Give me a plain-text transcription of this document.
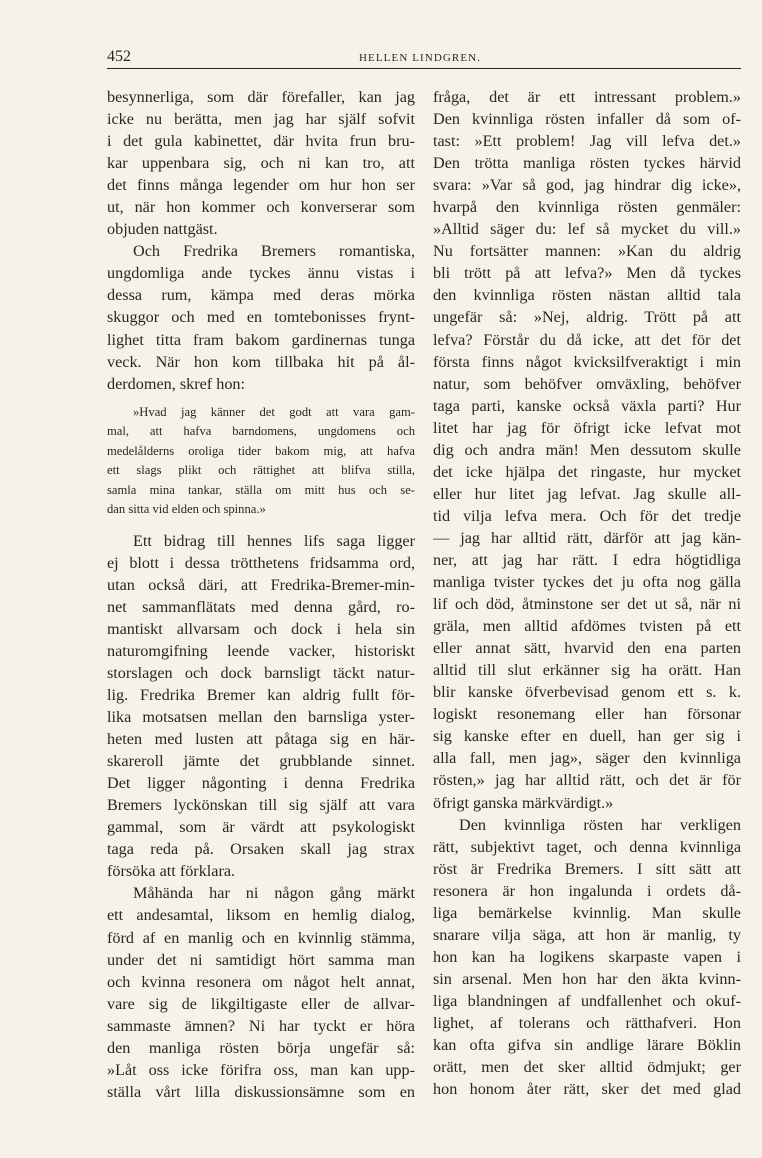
452	HELLEN LINDGREN.
besynnerliga, som där förefaller, kan jag
icke nu berätta, men jag har själf sofvit
i det gula kabinettet, där hvita frun bru-
kar uppenbara sig, och ni kan tro, att
det finns många legender om hur hon ser
ut, när hon kommer och konverserar som
objuden nattgäst.
Och Fredrika Bremers romantiska,
ungdomliga ande tyckes ännu vistas i
dessa rum, kämpa med deras mörka
skuggor och med en tomtebonisses frynt-
lighet titta fram bakom gardinernas tunga
veck. När hon kom tillbaka hit på ål-
derdomen, skref hon:
»Hvad jag känner det godt att vara gam-
mal, att hafva barndomens, ungdomens och
medelålderns oroliga tider bakom mig, att hafva
ett slags plikt och rättighet att blifva stilla,
samla mina tankar, ställa om mitt hus och se-
dan sitta vid elden och spinna.»
Ett bidrag till hennes lifs saga ligger
ej blott i dessa trötthetens fridsamma ord,
utan också däri, att Fredrika-Bremer-min-
net sammanflätats med denna gård, ro-
mantiskt allvarsam och dock i hela sin
naturomgifning leende vacker, historiskt
storslagen och dock barnsligt täckt natur-
lig. Fredrika Bremer kan aldrig fullt för-
lika motsatsen mellan den barnsliga yster-
heten med lusten att påtaga sig en här-
skareroll jämte det grubblande sinnet.
Det ligger någonting i denna Fredrika
Bremers lyckönskan till sig själf att vara
gammal, som är värdt att psykologiskt
taga reda på. Orsaken skall jag strax
försöka att förklara.
Måhända har ni någon gång märkt
ett andesamtal, liksom en hemlig dialog,
förd af en manlig och en kvinnlig stämma,
under det ni samtidigt hört samma man
och kvinna resonera om något helt annat,
vare sig de likgiltigaste eller de allvar-
sammaste ämnen? Ni har tyckt er höra
den manliga rösten börja ungefär så:
»Låt oss icke förifra oss, man kan upp-
ställa vårt lilla diskussionsämne som en
fråga, det är ett intressant problem.»
Den kvinnliga rösten infaller då som of-
tast: »Ett problem! Jag vill lefva det.»
Den trötta manliga rösten tyckes härvid
svara: »Var så god, jag hindrar dig icke»,
hvarpå den kvinnliga rösten genmäler:
»Alltid säger du: lef så mycket du vill.»
Nu fortsätter mannen: »Kan du aldrig
bli trött på att lefva?» Men då tyckes
den kvinnliga rösten nästan alltid tala
ungefär så: »Nej, aldrig. Trött på att
lefva? Förstår du då icke, att det för det
första finns något kvicksilfveraktigt i min
natur, som behöfver omväxling, behöfver
taga parti, kanske också växla parti? Hur
litet har jag för öfrigt icke lefvat mot
dig och andra män! Men dessutom skulle
det icke hjälpa det ringaste, hur mycket
eller hur litet jag lefvat. Jag skulle all-
tid vilja lefva mera. Och för det tredje
— jag har alltid rätt, därför att jag kän-
ner, att jag har rätt. I edra högtidliga
manliga tvister tyckes det ju ofta nog gälla
lif och död, åtminstone ser det ut så, när ni
gräla, men alltid afdömes tvisten på ett
eller annat sätt, hvarvid den ena parten
alltid till slut erkänner sig ha orätt. Han
blir kanske öfverbevisad genom ett s. k.
logiskt resonemang eller han försonar
sig kanske efter en duell, han ger sig i
alla fall, men jag», säger den kvinnliga
rösten,» jag har alltid rätt, och det är för
öfrigt ganska märkvärdigt.»
Den kvinnliga rösten har verkligen
rätt, subjektivt taget, och denna kvinnliga
röst är Fredrika Bremers. I sitt sätt att
resonera är hon ingalunda i ordets då-
liga bemärkelse kvinnlig. Man skulle
snarare vilja säga, att hon är manlig, ty
hon kan ha logikens skarpaste vapen i
sin arsenal. Men hon har den äkta kvinn-
liga blandningen af undfallenhet och okuf-
lighet, af tolerans och rätthafveri. Hon
kan ofta gifva sin andlige lärare Böklin
orätt, men det sker alltid ödmjukt; ger
hon honom åter rätt, sker det med glad
